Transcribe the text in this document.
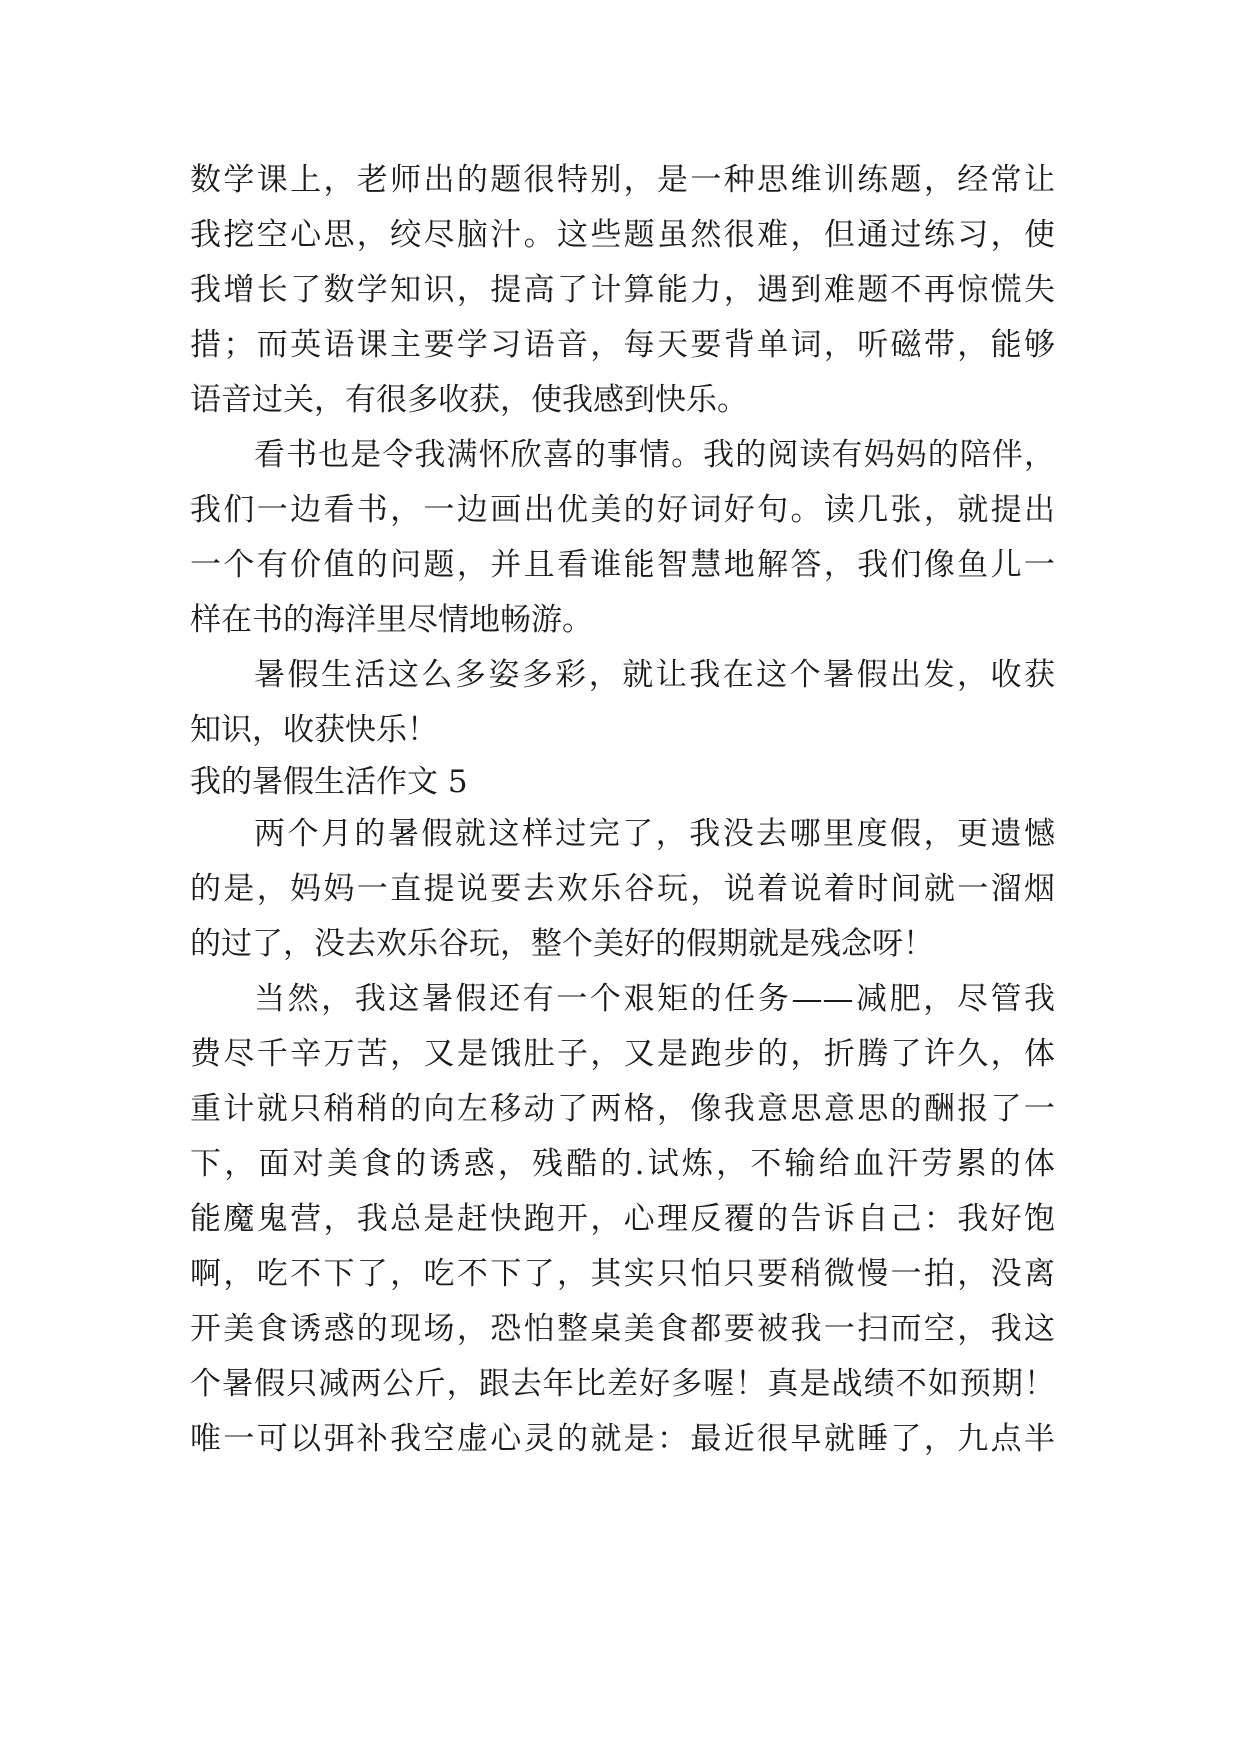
数学课上，老师出的题很特别，是一种思维训练题，经常让
我挖空心思，绞尽脑汁。这些题虽然很难，但通过练习，使
我增长了数学知识，提高了计算能力，遇到难题不再惊慌失
措；而英语课主要学习语音，每天要背单词，听磁带，能够
语音过关，有很多收获，使我感到快乐。
看书也是令我满怀欣喜的事情。我的阅读有妈妈的陪伴，
我们一边看书，一边画出优美的好词好句。读几张，就提出
一个有价值的问题，并且看谁能智慧地解答，我们像鱼儿一
样在书的海洋里尽情地畅游。
暑假生活这么多姿多彩，就让我在这个暑假出发，收获
知识，收获快乐！
我的暑假生活作文 5
两个月的暑假就这样过完了，我没去哪里度假，更遗憾
的是，妈妈一直提说要去欢乐谷玩，说着说着时间就一溜烟
的过了，没去欢乐谷玩，整个美好的假期就是残念呀！
当然，我这暑假还有一个艰矩的任务——减肥，尽管我
费尽千辛万苦，又是饿肚子，又是跑步的，折腾了许久，体
重计就只稍稍的向左移动了两格，像我意思意思的酬报了一
下，面对美食的诱惑，残酷的.试炼，不输给血汗劳累的体
能魔鬼营，我总是赶快跑开，心理反覆的告诉自己：我好饱
啊，吃不下了，吃不下了，其实只怕只要稍微慢一拍，没离
开美食诱惑的现场，恐怕整桌美食都要被我一扫而空，我这
个暑假只减两公斤，跟去年比差好多喔！真是战绩不如预期！
唯一可以弭补我空虚心灵的就是：最近很早就睡了，九点半
